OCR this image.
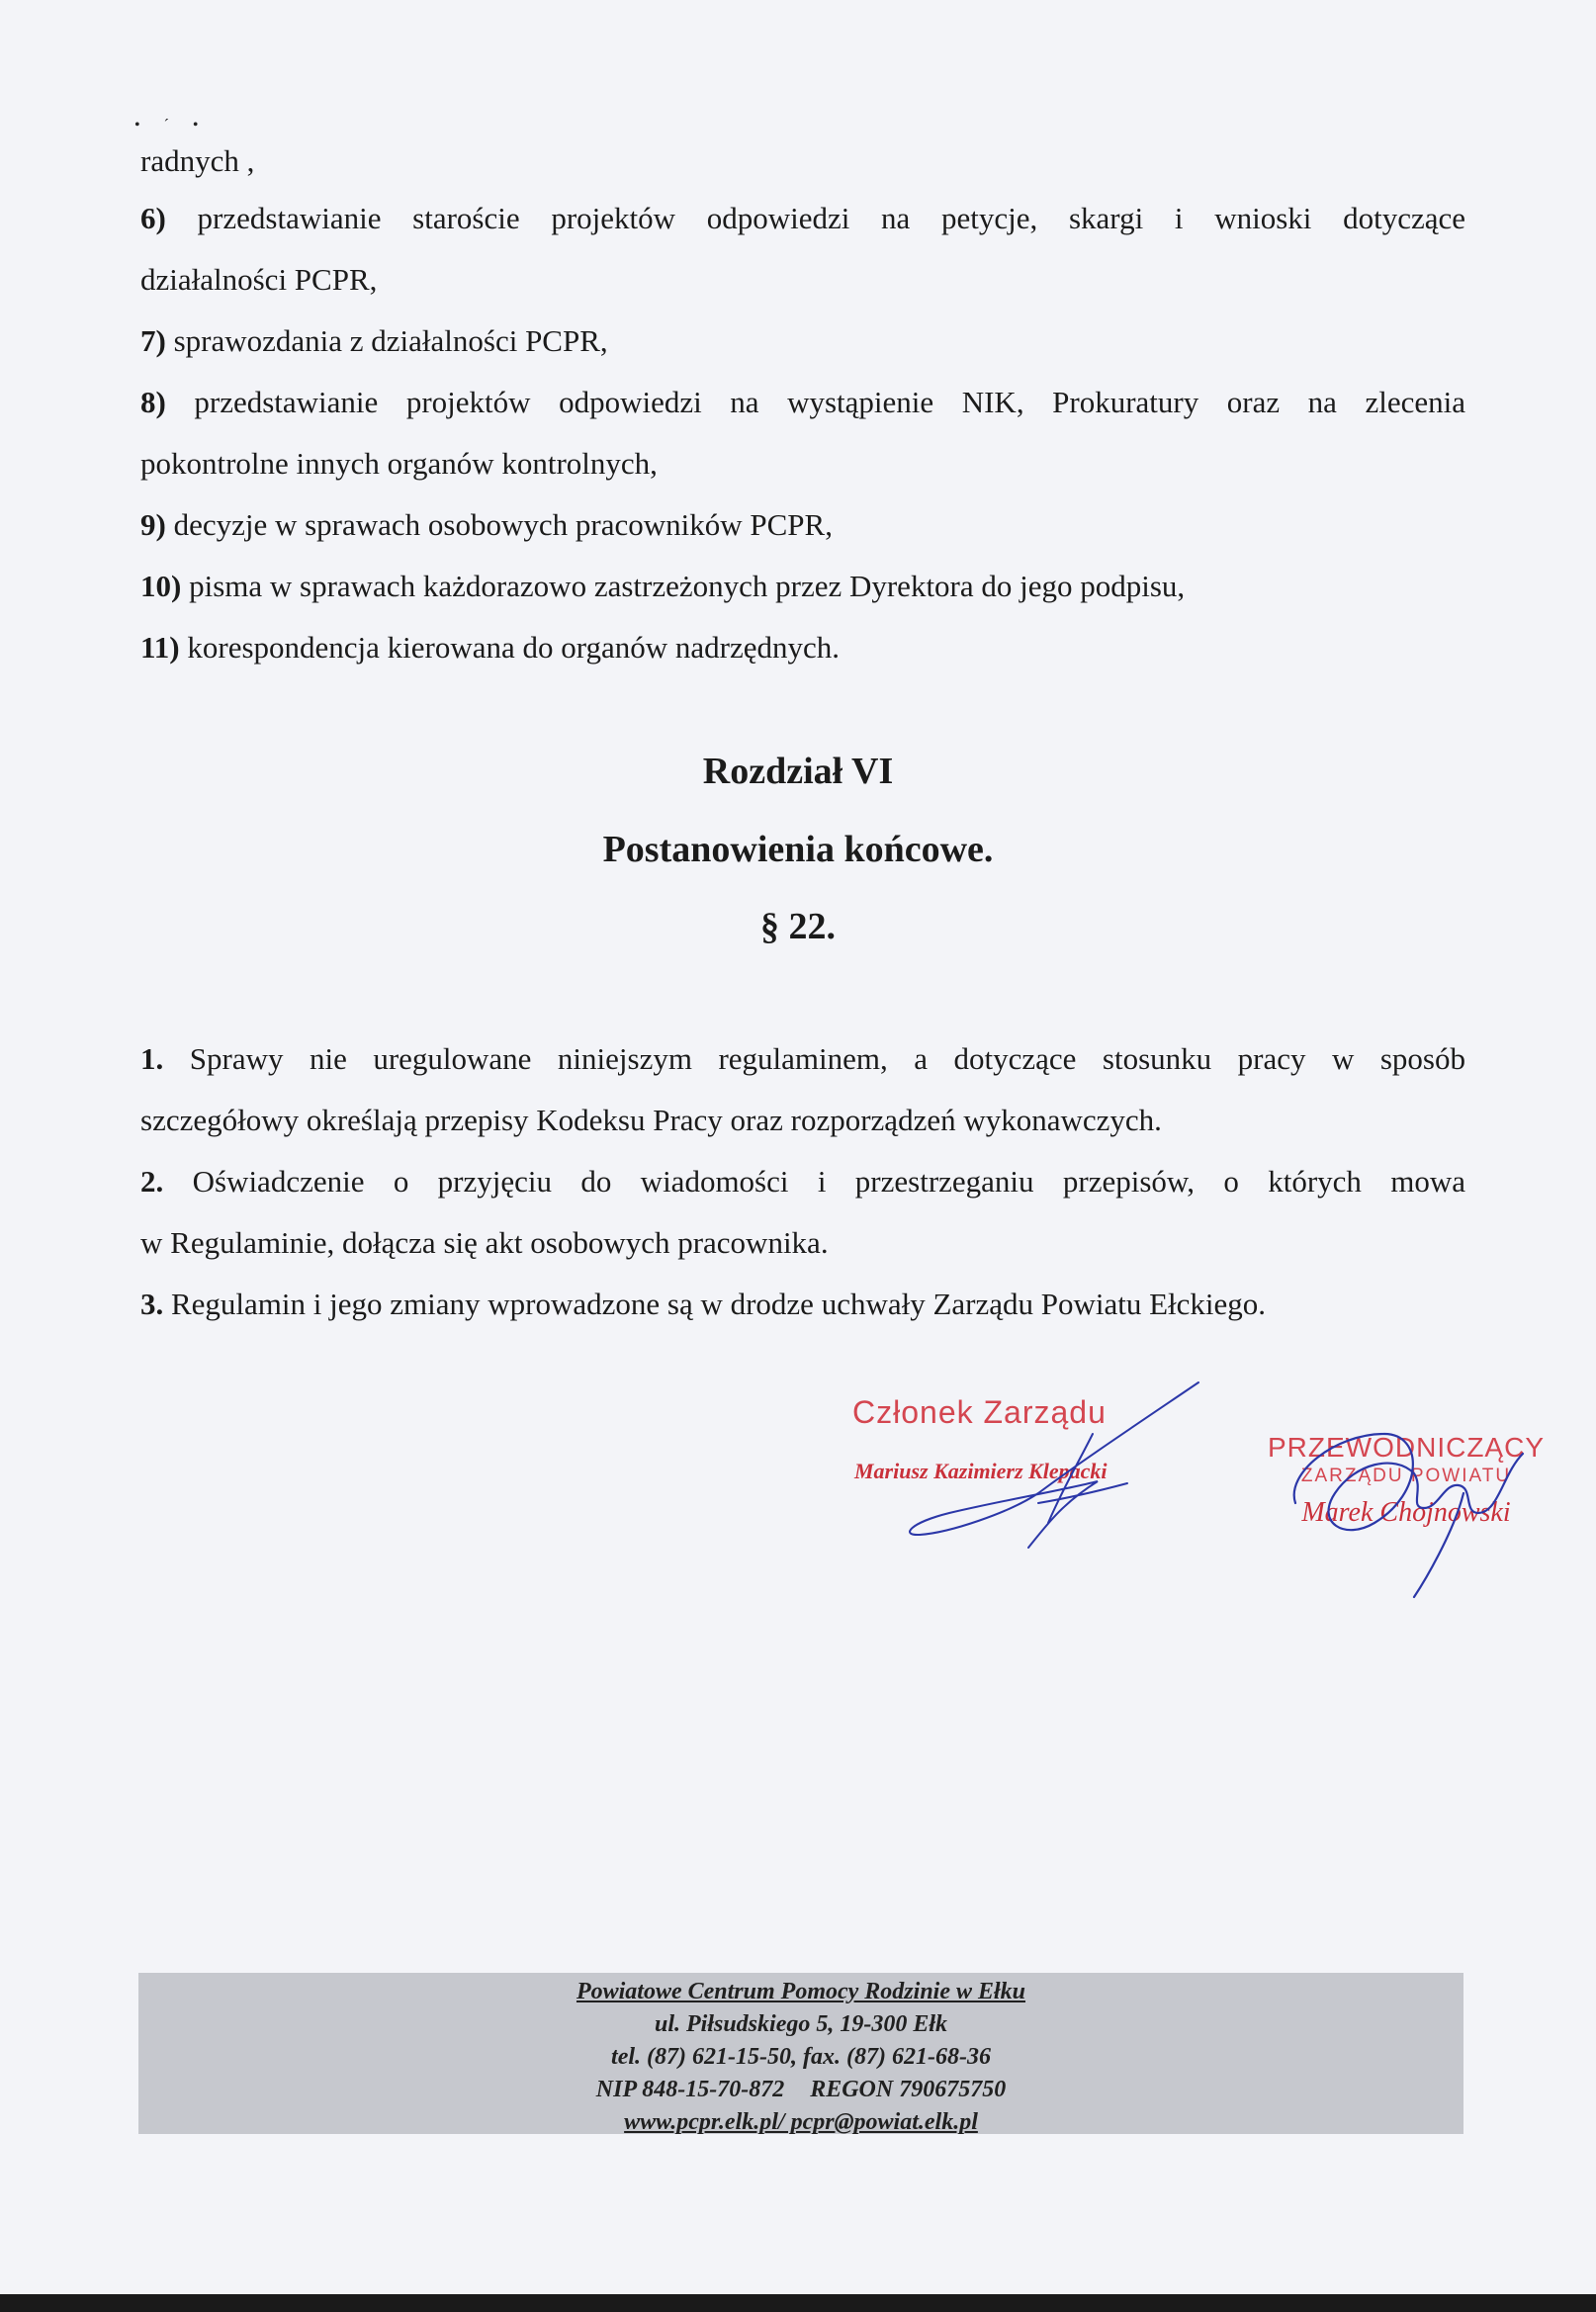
• ˊ •
radnych ,

6) przedstawianie staroście projektów odpowiedzi na petycje, skargi i wnioski dotyczące

działalności PCPR,

7) sprawozdania z działalności PCPR,

8) przedstawianie projektów odpowiedzi na wystąpienie NIK, Prokuratury oraz na zlecenia

pokontrolne innych organów kontrolnych,

9) decyzje w sprawach osobowych pracowników PCPR,

10) pisma w sprawach każdorazowo zastrzeżonych przez Dyrektora do jego podpisu,

11) korespondencja kierowana do organów nadrzędnych.

Rozdział VI
Postanowienia końcowe.
§ 22.

1. Sprawy nie uregulowane niniejszym regulaminem, a dotyczące stosunku pracy w sposób

szczegółowy określają przepisy Kodeksu Pracy oraz rozporządzeń wykonawczych.

2. Oświadczenie o przyjęciu do wiadomości i przestrzeganiu przepisów, o których mowa

w Regulaminie, dołącza się akt osobowych pracownika.

3. Regulamin i jego zmiany wprowadzone są w drodze uchwały Zarządu Powiatu Ełckiego.

Członek Zarządu
Mariusz Kazimierz Klepacki
PRZEWODNICZĄCY
ZARZĄDU POWIATU
Marek Chojnowski
Powiatowe Centrum Pomocy Rodzinie w Ełku
ul. Piłsudskiego 5, 19-300 Ełk
tel. (87) 621-15-50, fax. (87) 621-68-36
NIP 848-15-70-872 REGON 790675750
www.pcpr.elk.pl/ pcpr@powiat.elk.pl
